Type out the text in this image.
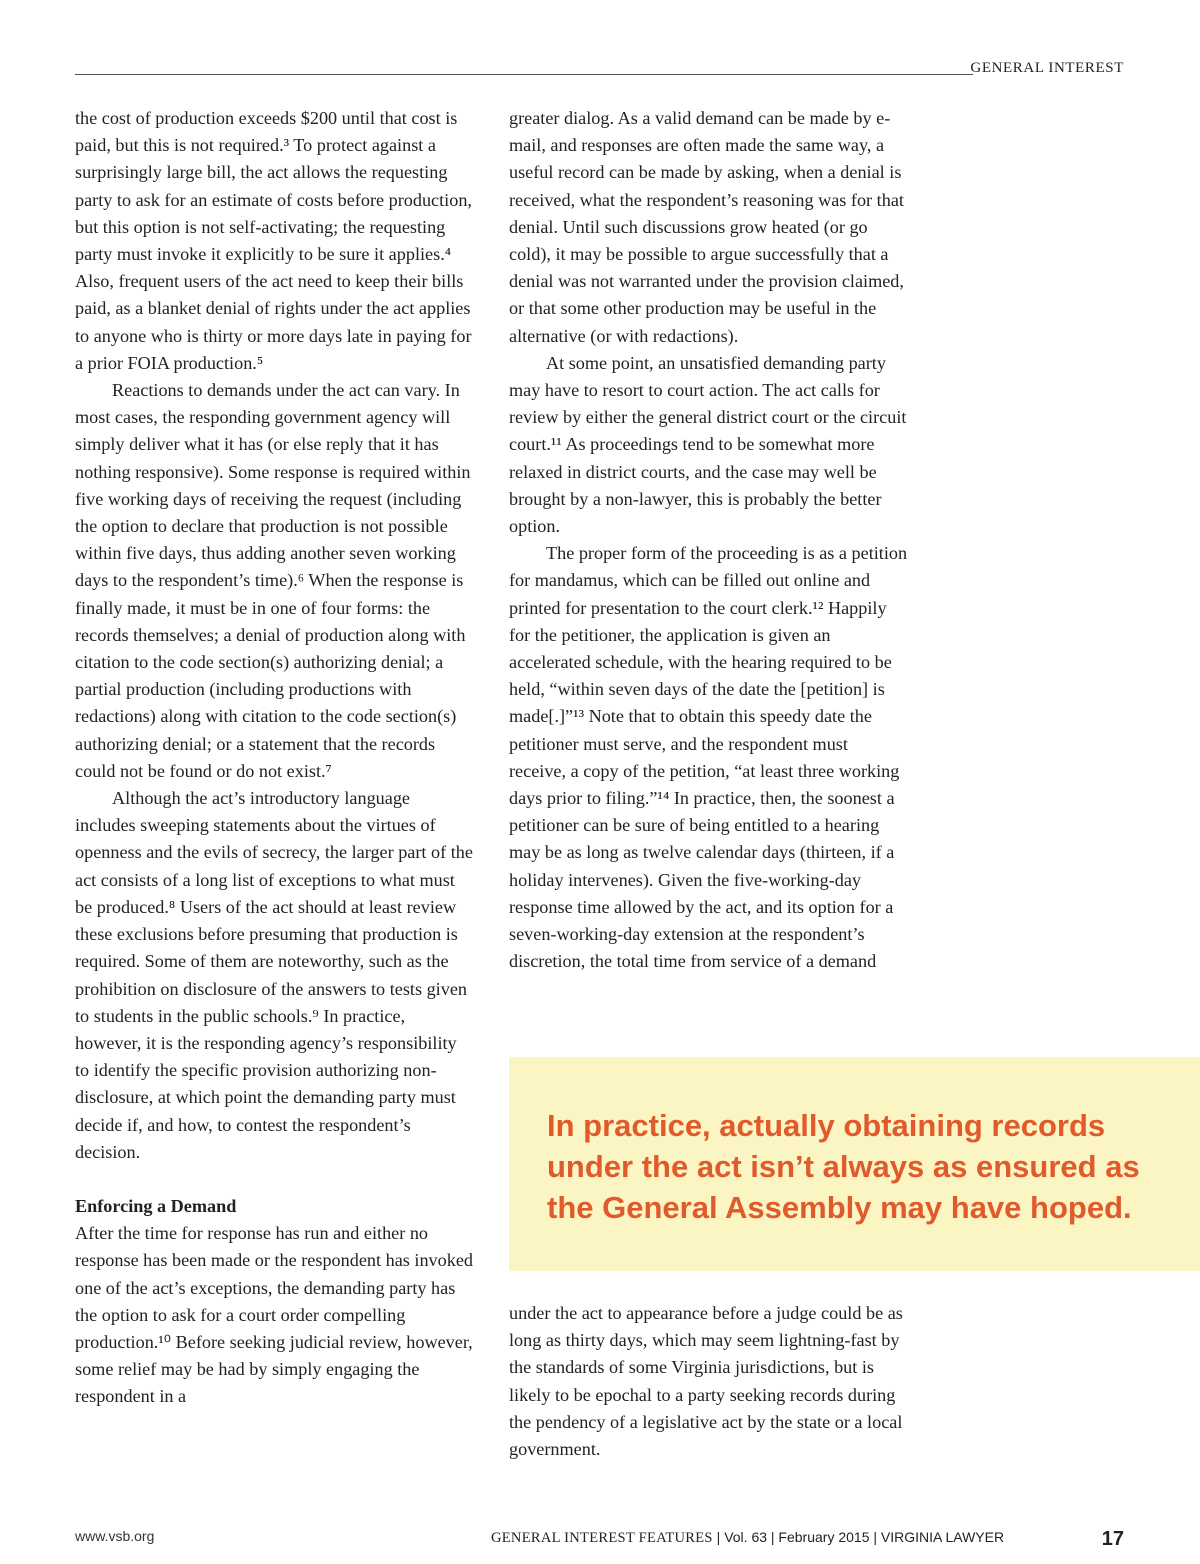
GENERAL INTEREST

the cost of production exceeds $200 until that cost is paid, but this is not required.³ To protect against a surprisingly large bill, the act allows the requesting party to ask for an estimate of costs before production, but this option is not self-activating; the requesting party must invoke it explicitly to be sure it applies.⁴ Also, frequent users of the act need to keep their bills paid, as a blanket denial of rights under the act applies to anyone who is thirty or more days late in paying for a prior FOIA production.⁵

Reactions to demands under the act can vary. In most cases, the responding government agency will simply deliver what it has (or else reply that it has nothing responsive). Some response is required within five working days of receiving the request (including the option to declare that production is not possible within five days, thus adding another seven working days to the respondent’s time).⁶ When the response is finally made, it must be in one of four forms: the records themselves; a denial of production along with citation to the code section(s) authorizing denial; a partial production (including productions with redactions) along with citation to the code section(s) authorizing denial; or a statement that the records could not be found or do not exist.⁷

Although the act’s introductory language includes sweeping statements about the virtues of openness and the evils of secrecy, the larger part of the act consists of a long list of exceptions to what must be produced.⁸ Users of the act should at least review these exclusions before presuming that production is required. Some of them are noteworthy, such as the prohibition on disclosure of the answers to tests given to students in the public schools.⁹ In practice, however, it is the responding agency’s responsibility to identify the specific provision authorizing non-disclosure, at which point the demanding party must decide if, and how, to contest the respondent’s decision.

Enforcing a Demand

After the time for response has run and either no response has been made or the respondent has invoked one of the act’s exceptions, the demanding party has the option to ask for a court order compelling production.¹⁰ Before seeking judicial review, however, some relief may be had by simply engaging the respondent in a

greater dialog. As a valid demand can be made by e-mail, and responses are often made the same way, a useful record can be made by asking, when a denial is received, what the respondent’s reasoning was for that denial. Until such discussions grow heated (or go cold), it may be possible to argue successfully that a denial was not warranted under the provision claimed, or that some other production may be useful in the alternative (or with redactions).

At some point, an unsatisfied demanding party may have to resort to court action. The act calls for review by either the general district court or the circuit court.¹¹ As proceedings tend to be somewhat more relaxed in district courts, and the case may well be brought by a non-lawyer, this is probably the better option.

The proper form of the proceeding is as a petition for mandamus, which can be filled out online and printed for presentation to the court clerk.¹² Happily for the petitioner, the application is given an accelerated schedule, with the hearing required to be held, “within seven days of the date the [petition] is made[.]”¹³ Note that to obtain this speedy date the petitioner must serve, and the respondent must receive, a copy of the petition, “at least three working days prior to filing.”¹⁴ In practice, then, the soonest a petitioner can be sure of being entitled to a hearing may be as long as twelve calendar days (thirteen, if a holiday intervenes). Given the five-working-day response time allowed by the act, and its option for a seven-working-day extension at the respondent’s discretion, the total time from service of a demand

In practice, actually obtaining records under the act isn’t always as ensured as the General Assembly may have hoped.

under the act to appearance before a judge could be as long as thirty days, which may seem lightning-fast by the standards of some Virginia jurisdictions, but is likely to be epochal to a party seeking records during the pendency of a legislative act by the state or a local government.

www.vsb.org	GENERAL INTEREST FEATURES | Vol. 63 | February 2015 | VIRGINIA LAWYER	17
